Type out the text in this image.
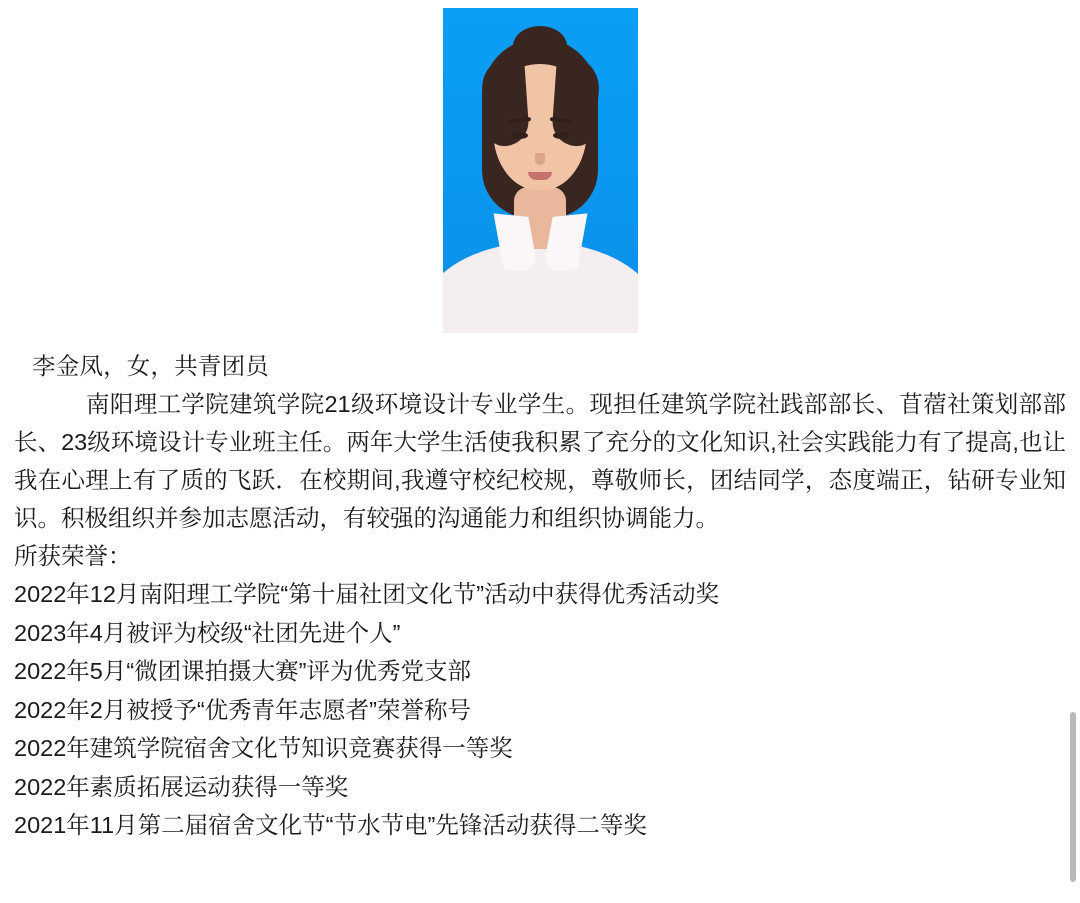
李金凤，女，共青团员
南阳理工学院建筑学院21级环境设计专业学生。现担任建筑学院社践部部长、苜蓿社策划部部长、23级环境设计专业班主任。两年大学生活使我积累了充分的文化知识,社会实践能力有了提高,也让我在心理上有了质的飞跃．在校期间,我遵守校纪校规，尊敬师长，团结同学，态度端正，钻研专业知识。积极组织并参加志愿活动，有较强的沟通能力和组织协调能力。
所获荣誉：
2022年12月南阳理工学院“第十届社团文化节”活动中获得优秀活动奖
2023年4月被评为校级“社团先进个人”
2022年5月“微团课拍摄大赛”评为优秀党支部
2022年2月被授予“优秀青年志愿者”荣誉称号
2022年建筑学院宿舍文化节知识竞赛获得一等奖
2022年素质拓展运动获得一等奖
2021年11月第二届宿舍文化节“节水节电”先锋活动获得二等奖
